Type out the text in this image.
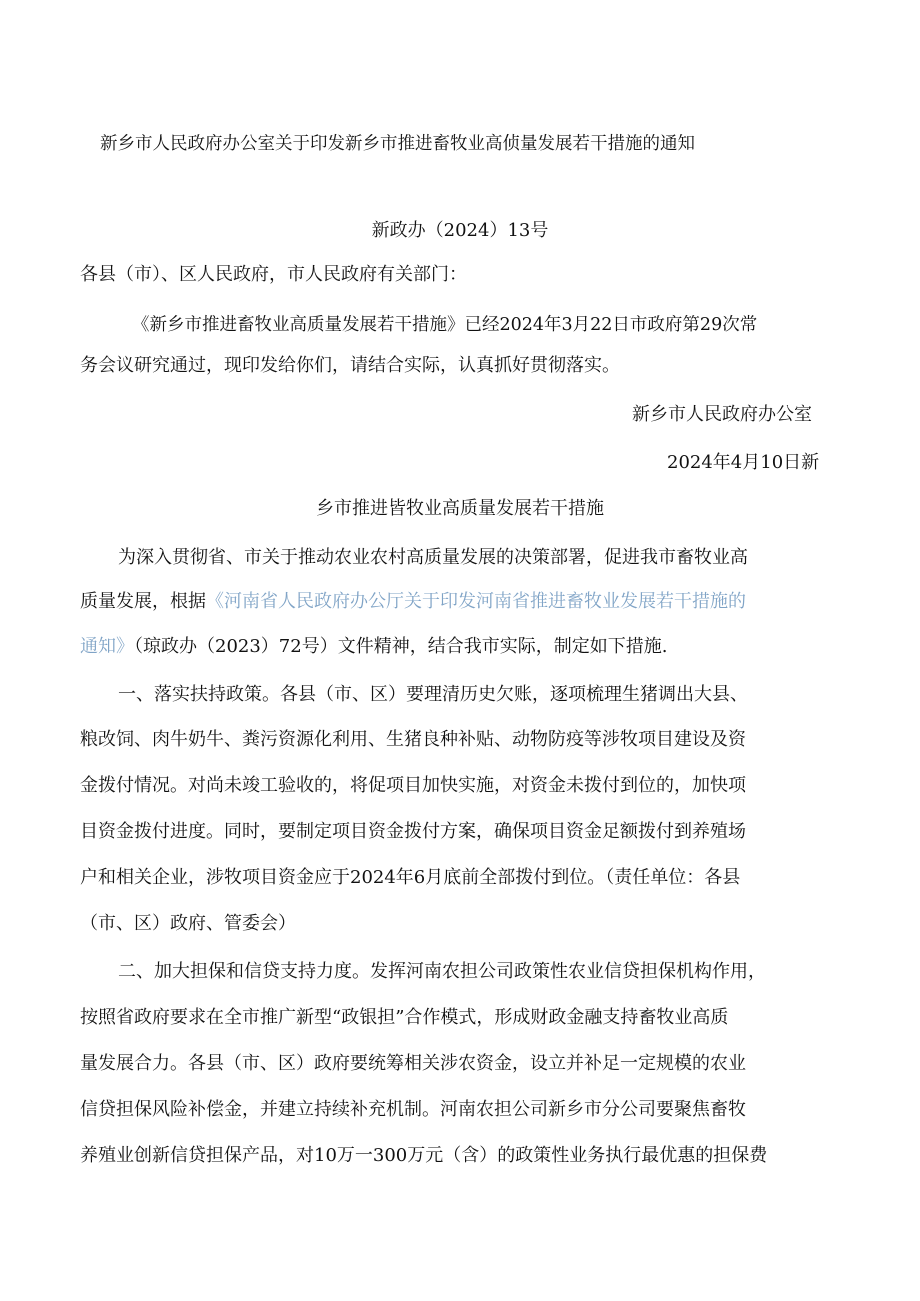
新乡市人民政府办公室关于印发新乡市推进畜牧业高侦量发展若干措施的通知
新政办（2024）13号
各县（市）、区人民政府，市人民政府有关部门：
《新乡市推进畜牧业高质量发展若干措施》已经2024年3月22日市政府第29次常
务会议研究通过，现印发给你们，请结合实际，认真抓好贯彻落实。
新乡市人民政府办公室
2024年4月10日新
乡市推进皆牧业高质量发展若干措施
为深入贯彻省、市关于推动农业农村高质量发展的决策部署，促进我市畜牧业高
质量发展，根据《河南省人民政府办公厅关于印发河南省推进畜牧业发展若干措施的
通知》（琼政办（2023）72号）文件精神，结合我市实际，制定如下措施.
一、落实扶持政策。各县（市、区）要理清历史欠账，逐项梳理生猪调出大县、
粮改饲、肉牛奶牛、粪污资源化利用、生猪良种补贴、动物防疫等涉牧项目建设及资
金拨付情况。对尚未竣工验收的，将促项目加快实施，对资金未拨付到位的，加快项
目资金拨付进度。同时，要制定项目资金拨付方案，确保项目资金足额拨付到养殖场
户和相关企业，涉牧项目资金应于2024年6月底前全部拨付到位。（责任单位：各县
（市、区）政府、管委会）
二、加大担保和信贷支持力度。发挥河南农担公司政策性农业信贷担保机构作用，
按照省政府要求在全市推广新型“政银担”合作模式，形成财政金融支持畜牧业高质
量发展合力。各县（市、区）政府要统筹相关涉农资金，设立并补足一定规模的农业
信贷担保风险补偿金，并建立持续补充机制。河南农担公司新乡市分公司要聚焦畜牧
养殖业创新信贷担保产品，对10万一300万元（含）的政策性业务执行最优惠的担保费
